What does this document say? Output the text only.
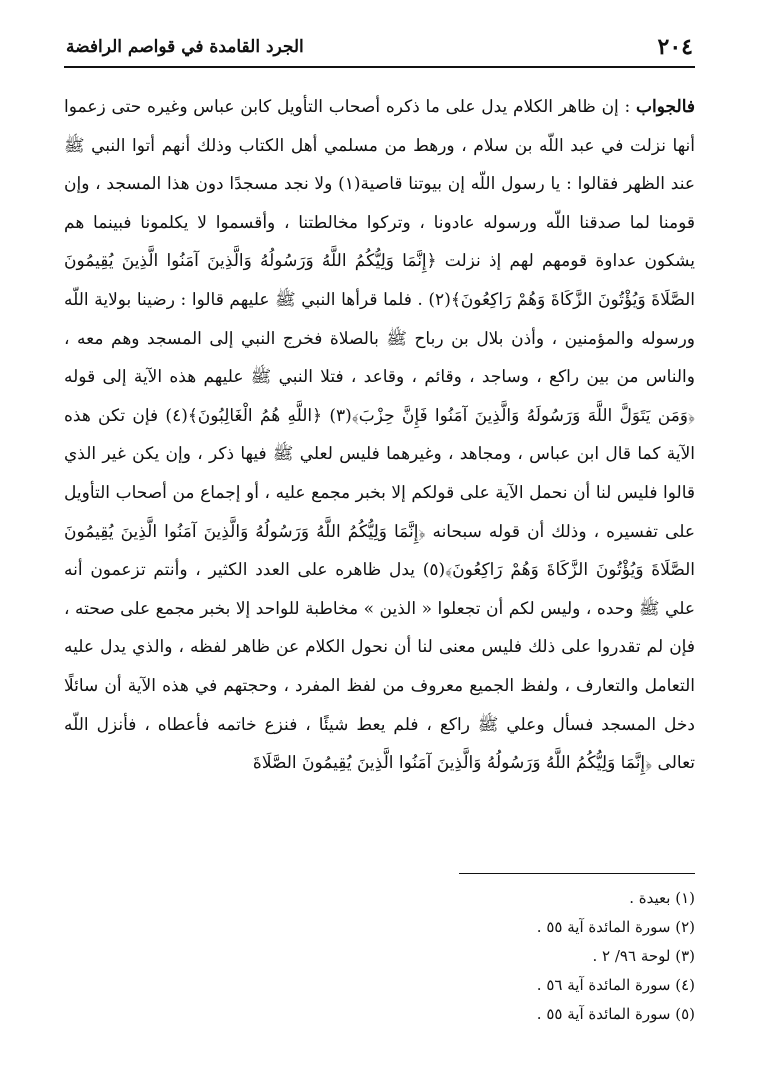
٢٠٤
الجرد القامدة في قواصم الرافضة

فالجواب : إن ظاهر الكلام يدل على ما ذكره أصحاب التأويل كابن عباس وغيره حتى زعموا أنها نزلت في عبد اللّه بن سلام ، ورهط من مسلمي أهل الكتاب وذلك أنهم أتوا النبي ﷺ عند الظهر فقالوا : يا رسول اللّه إن بيوتنا قاصية(١) ولا نجد مسجدًا دون هذا المسجد ، وإن قومنا لما صدقنا اللّه ورسوله عادونا ، وتركوا مخالطتنا ، وأقسموا لا يكلمونا فبينما هم يشكون عداوة قومهم لهم إذ نزلت ﴿إِنَّمَا وَلِيُّكُمُ اللَّهُ وَرَسُولُهُ وَالَّذِينَ آمَنُوا الَّذِينَ يُقِيمُونَ الصَّلَاةَ وَيُؤْتُونَ الزَّكَاةَ وَهُمْ رَاكِعُونَ﴾(٢) . فلما قرأها النبي ﷺ عليهم قالوا : رضينا بولاية اللّه ورسوله والمؤمنين ، وأذن بلال بن رباح ﷺ بالصلاة فخرج النبي إلى المسجد وهم معه ، والناس من بين راكع ، وساجد ، وقائم ، وقاعد ، فتلا النبي ﷺ عليهم هذه الآية إلى قوله ﴿وَمَن يَتَوَلَّ اللَّهَ وَرَسُولَهُ وَالَّذِينَ آمَنُوا فَإِنَّ حِزْبَ﴾(٣) ﴿اللَّهِ هُمُ الْغَالِبُونَ﴾(٤) فإن تكن هذه الآية كما قال ابن عباس ، ومجاهد ، وغيرهما فليس لعلي ﷺ فيها ذكر ، وإن يكن غير الذي قالوا فليس لنا أن نحمل الآية على قولكم إلا بخبر مجمع عليه ، أو إجماع من أصحاب التأويل على تفسيره ، وذلك أن قوله سبحانه ﴿إِنَّمَا وَلِيُّكُمُ اللَّهُ وَرَسُولُهُ وَالَّذِينَ آمَنُوا الَّذِينَ يُقِيمُونَ الصَّلَاةَ وَيُؤْتُونَ الزَّكَاةَ وَهُمْ رَاكِعُونَ﴾(٥) يدل ظاهره على العدد الكثير ، وأنتم تزعمون أنه علي ﷺ وحده ، وليس لكم أن تجعلوا « الذين » مخاطبة للواحد إلا بخبر مجمع على صحته ، فإن لم تقدروا على ذلك فليس معنى لنا أن نحول الكلام عن ظاهر لفظه ، والذي يدل عليه التعامل والتعارف ، ولفظ الجميع معروف من لفظ المفرد ، وحجتهم في هذه الآية أن سائلًا دخل المسجد فسأل وعلي ﷺ راكع ، فلم يعط شيئًا ، فنزع خاتمه فأعطاه ، فأنزل اللّه تعالى ﴿إِنَّمَا وَلِيُّكُمُ اللَّهُ وَرَسُولُهُ وَالَّذِينَ آمَنُوا الَّذِينَ يُقِيمُونَ الصَّلَاةَ

(١) بعيدة .
(٢) سورة المائدة آية ٥٥ .
(٣) لوحة ٩٦/ ٢ .
(٤) سورة المائدة آية ٥٦ .
(٥) سورة المائدة آية ٥٥ .
